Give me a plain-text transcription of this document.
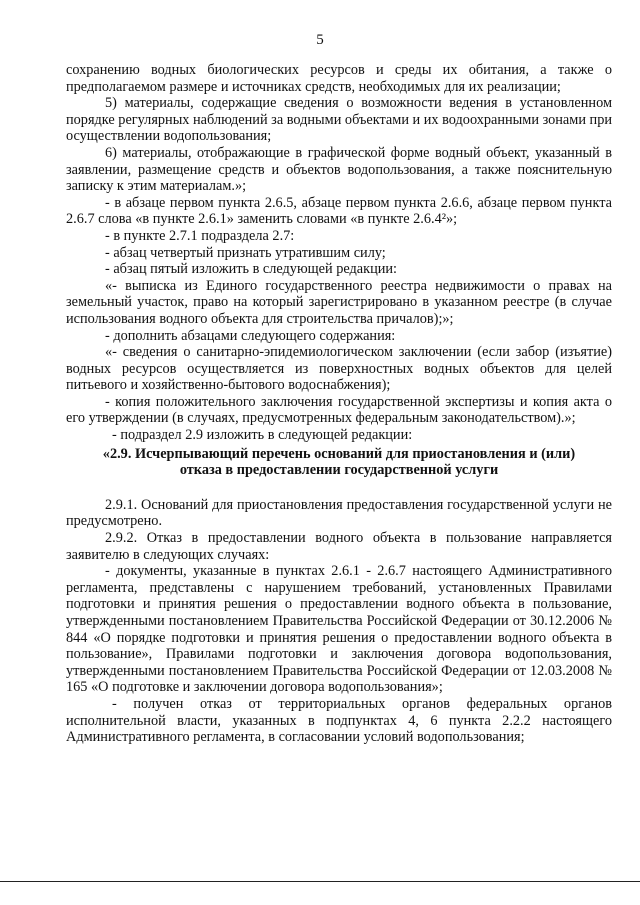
5

сохранению водных биологических ресурсов и среды их обитания, а также о предполагаемом размере и источниках средств, необходимых для их реализации;

5) материалы, содержащие сведения о возможности ведения в установленном порядке регулярных наблюдений за водными объектами и их водоохранными зонами при осуществлении водопользования;

6) материалы, отображающие в графической форме водный объект, указанный в заявлении, размещение средств и объектов водопользования, а также пояснительную записку к этим материалам.»;

- в абзаце первом пункта 2.6.5, абзаце первом пункта 2.6.6, абзаце первом пункта 2.6.7 слова «в пункте 2.6.1» заменить словами «в пункте 2.6.4²»;

- в пункте 2.7.1 подраздела 2.7:

- абзац четвертый признать утратившим силу;

- абзац пятый изложить в следующей редакции:

«- выписка из Единого государственного реестра недвижимости о правах на земельный участок, право на который зарегистрировано в указанном реестре (в случае использования водного объекта для строительства причалов);»;

- дополнить абзацами следующего содержания:

«- сведения о санитарно-эпидемиологическом заключении (если забор (изъятие) водных ресурсов осуществляется из поверхностных водных объектов для целей питьевого и хозяйственно-бытового водоснабжения);

- копия положительного заключения государственной экспертизы и копия акта о его утверждении (в случаях, предусмотренных федеральным законодательством).»;

- подраздел 2.9 изложить в следующей редакции:

«2.9. Исчерпывающий перечень оснований для приостановления и (или)
отказа в предоставлении государственной услуги

2.9.1. Оснований для приостановления предоставления государственной услуги не предусмотрено.

2.9.2. Отказ в предоставлении водного объекта в пользование направляется заявителю в следующих случаях:

- документы, указанные в пунктах 2.6.1 - 2.6.7 настоящего Административного регламента, представлены с нарушением требований, установленных Правилами подготовки и принятия решения о предоставлении водного объекта в пользование, утвержденными постановлением Правительства Российской Федерации от 30.12.2006 № 844 «О порядке подготовки и принятия решения о предоставлении водного объекта в пользование», Правилами подготовки и заключения договора водопользования, утвержденными постановлением Правительства Российской Федерации от 12.03.2008 № 165 «О подготовке и заключении договора водопользования»;

- получен отказ от территориальных органов федеральных органов исполнительной власти, указанных в подпунктах 4, 6 пункта 2.2.2 настоящего Административного регламента, в согласовании условий водопользования;
